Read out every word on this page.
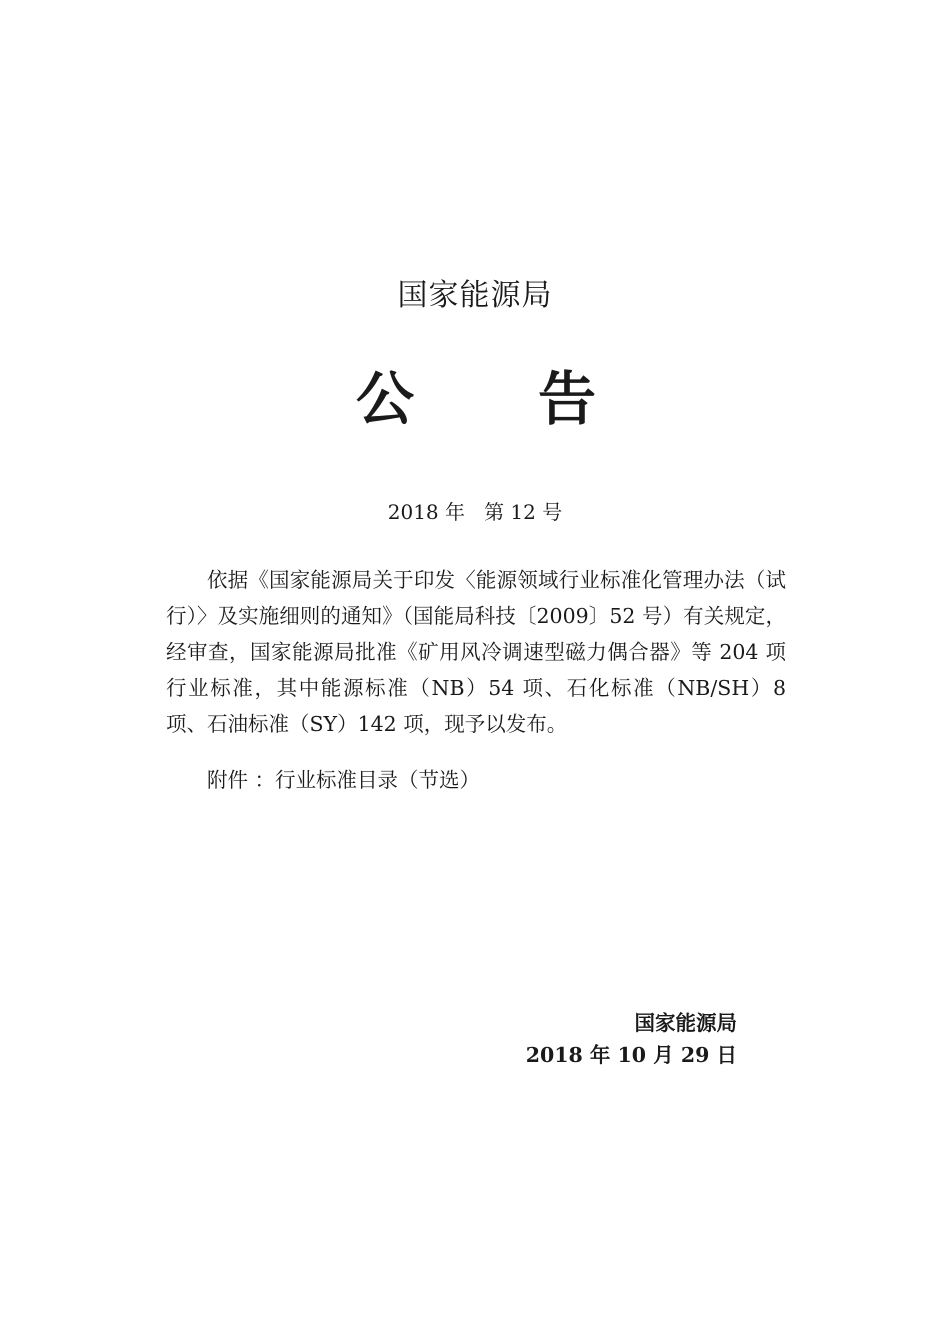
国家能源局
公 告
2018 年   第 12 号

依据《国家能源局关于印发〈能源领域行业标准化管理办法（试行）〉及实施细则的通知》（国能局科技〔2009〕52 号）有关规定，经审查，国家能源局批准《矿用风冷调速型磁力偶合器》等 204 项行业标准，其中能源标准（NB）54 项、石化标准（NB/SH）8 项、石油标准（SY）142 项，现予以发布。

附件 ：行业标准目录（节选）
国家能源局
2018 年 10 月 29 日
